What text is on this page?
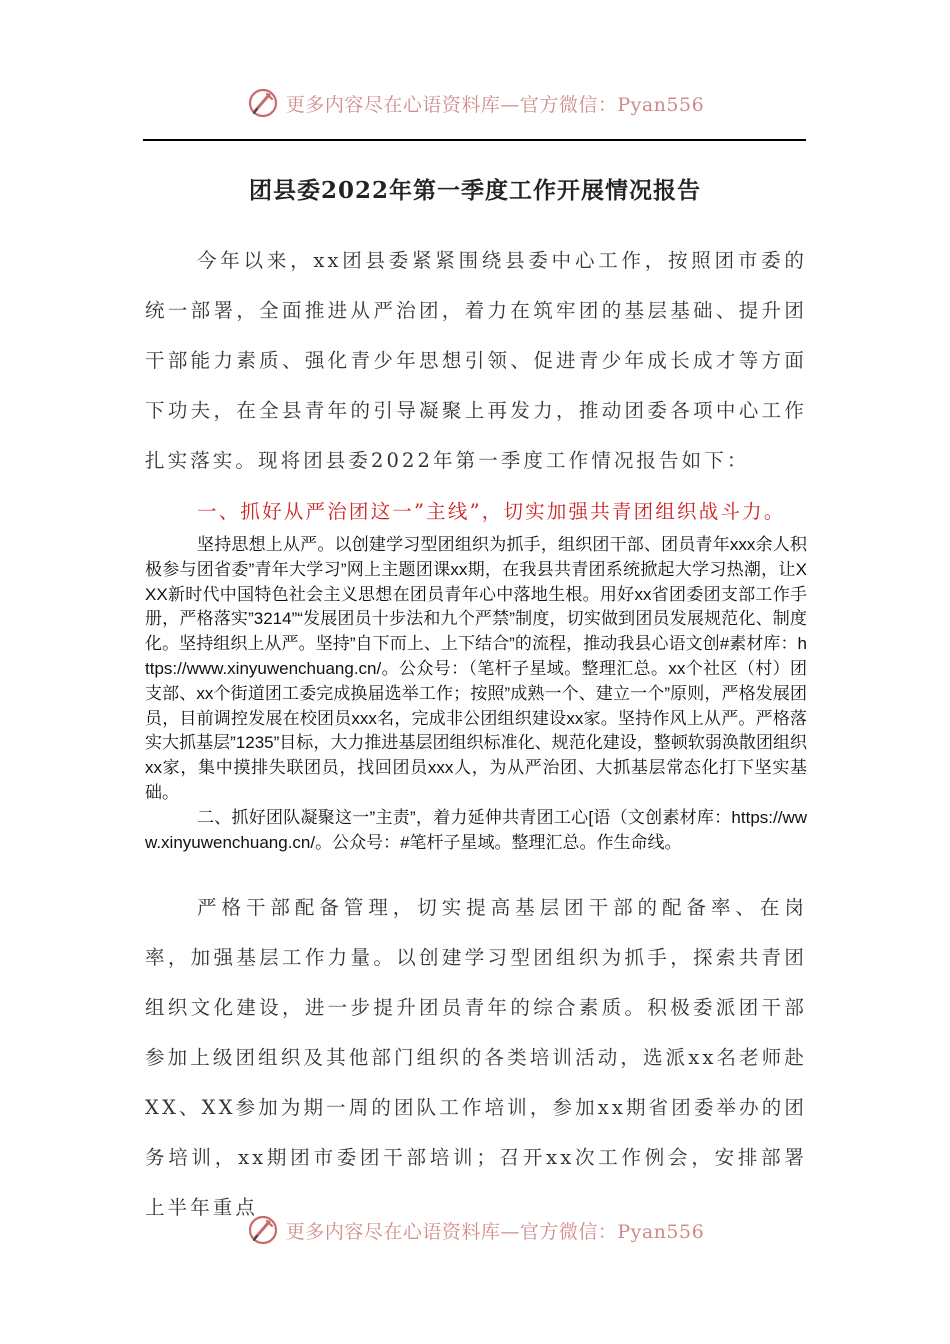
更多内容尽在心语资料库—官方微信：Pyan556
团县委2022年第一季度工作开展情况报告
今年以来，xx团县委紧紧围绕县委中心工作，按照团市委的统一部署，全面推进从严治团，着力在筑牢团的基层基础、提升团干部能力素质、强化青少年思想引领、促进青少年成长成才等方面下功夫，在全县青年的引导凝聚上再发力，推动团委各项中心工作扎实落实。现将团县委2022年第一季度工作情况报告如下：
一、抓好从严治团这一”主线”，切实加强共青团组织战斗力。

坚持思想上从严。以创建学习型团组织为抓手，组织团干部、团员青年xxx余人积极参与团省委”青年大学习”网上主题团课xx期，在我县共青团系统掀起大学习热潮，让XXX新时代中国特色社会主义思想在团员青年心中落地生根。用好xx省团委团支部工作手册，严格落实”3214”“发展团员十步法和九个严禁”制度，切实做到团员发展规范化、制度化。坚持组织上从严。坚持”自下而上、上下结合”的流程，推动我县心语文创#素材库：https://www.xinyuwenchuang.cn/。公众号：（笔杆子星域。整理汇总。xx个社区（村）团支部、xx个街道团工委完成换届选举工作；按照”成熟一个、建立一个”原则，严格发展团员，目前调控发展在校团员xxx名，完成非公团组织建设xx家。坚持作风上从严。严格落实大抓基层”1235”目标，大力推进基层团组织标准化、规范化建设，整顿软弱涣散团组织xx家，集中摸排失联团员，找回团员xxx人，为从严治团、大抓基层常态化打下坚实基础。

二、抓好团队凝聚这一”主责”，着力延伸共青团工心[语（文创素材库：https://www.xinyuwenchuang.cn/。公众号：#笔杆子星域。整理汇总。作生命线。

严格干部配备管理，切实提高基层团干部的配备率、在岗率，加强基层工作力量。以创建学习型团组织为抓手，探索共青团组织文化建设，进一步提升团员青年的综合素质。积极委派团干部参加上级团组织及其他部门组织的各类培训活动，选派xx名老师赴XX、XX参加为期一周的团队工作培训，参加xx期省团委举办的团务培训，xx期团市委团干部培训；召开xx次工作例会，安排部署上半年重点
更多内容尽在心语资料库—官方微信：Pyan556
